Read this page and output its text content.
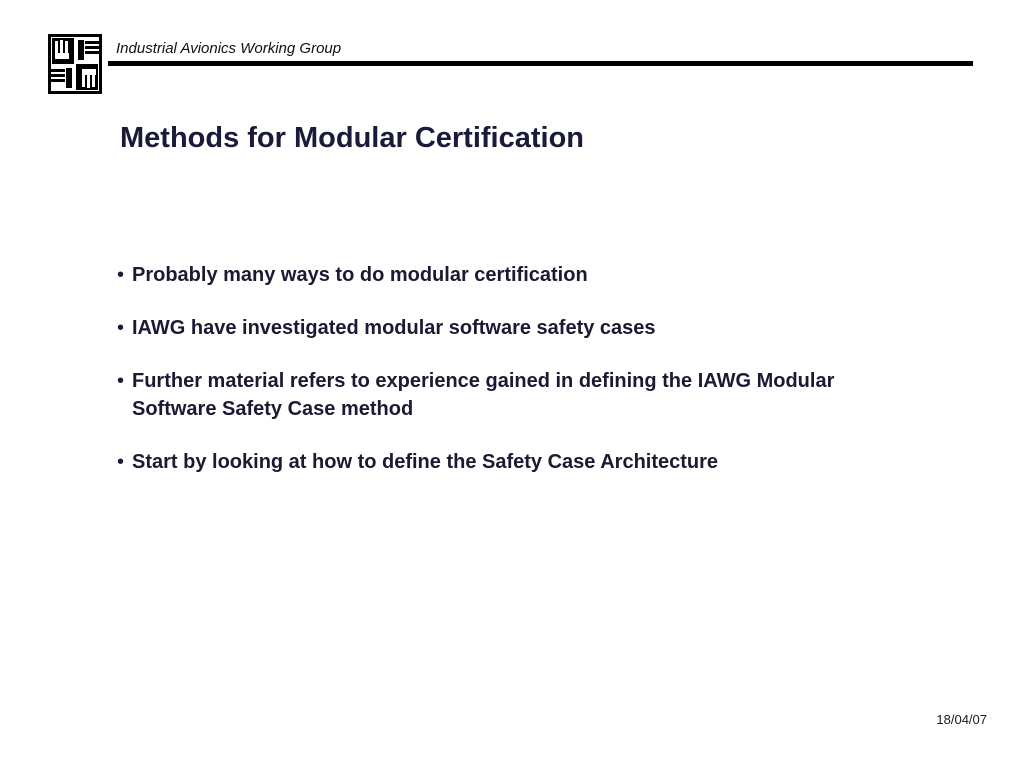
Industrial Avionics Working Group
Methods for Modular Certification
• Probably many ways to do modular certification
• IAWG have investigated modular software safety cases
• Further material refers to experience gained in defining the IAWG Modular Software Safety Case method
• Start by looking at how to define the Safety Case Architecture
18/04/07
